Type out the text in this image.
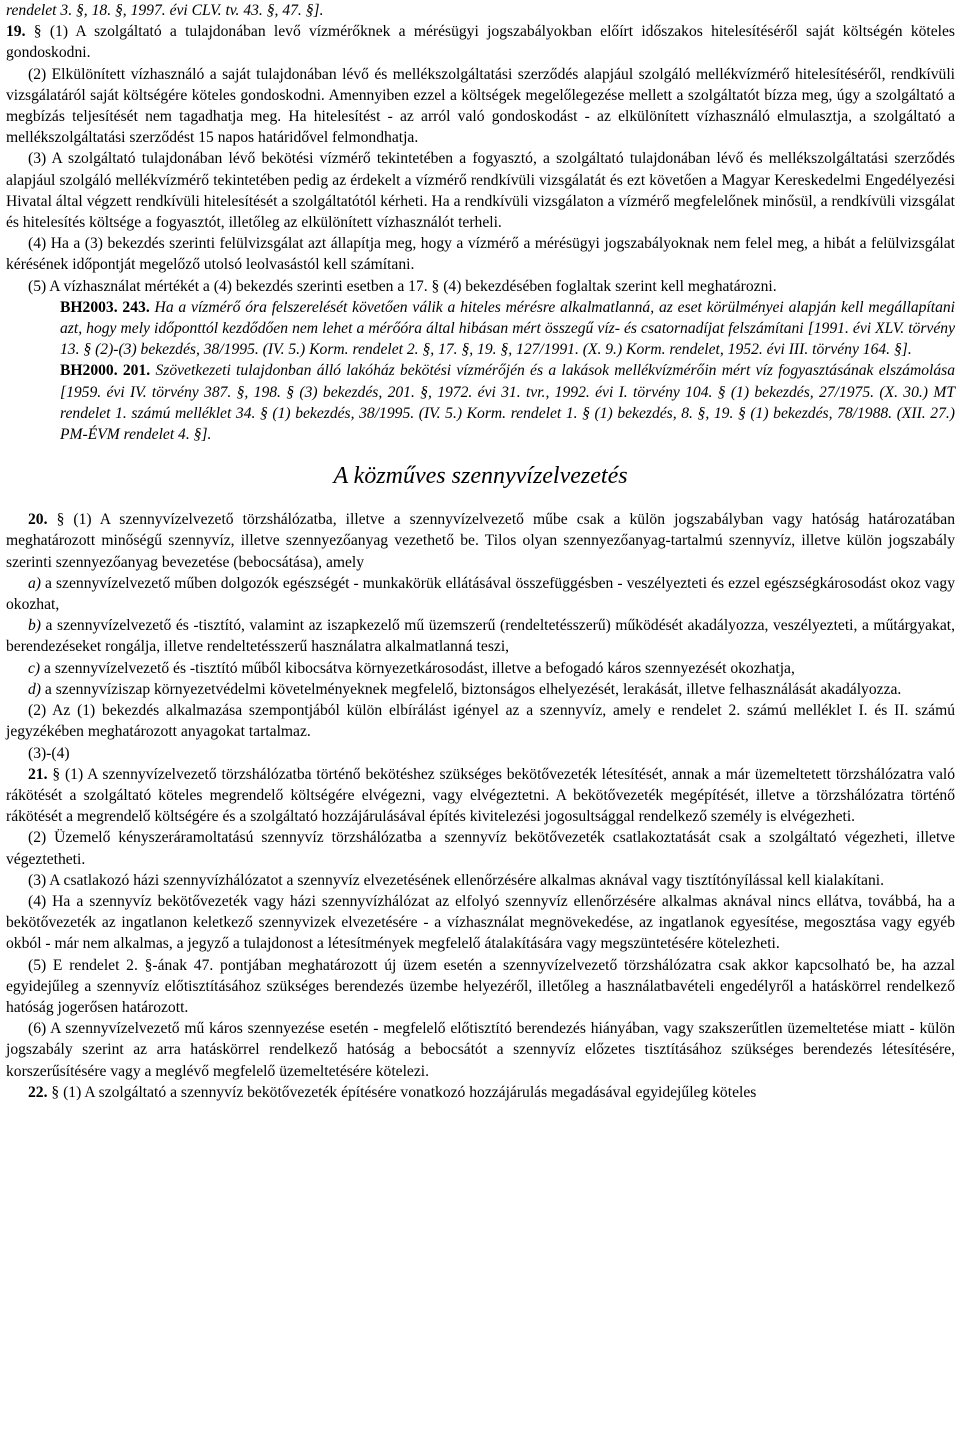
rendelet 3. §, 18. §, 1997. évi CLV. tv. 43. §, 47. §].

19. § (1) A szolgáltató a tulajdonában levő vízmérőknek a mérésügyi jogszabályokban előírt időszakos hitelesítéséről saját költségén köteles gondoskodni.

(2) Elkülönített vízhasználó a saját tulajdonában lévő és mellékszolgáltatási szerződés alapjául szolgáló mellékvízmérő hitelesítéséről, rendkívüli vizsgálatáról saját költségére köteles gondoskodni. Amennyiben ezzel a költségek megelőlegezése mellett a szolgáltatót bízza meg, úgy a szolgáltató a megbízás teljesítését nem tagadhatja meg. Ha hitelesítést - az arról való gondoskodást - az elkülönített vízhasználó elmulasztja, a szolgáltató a mellékszolgáltatási szerződést 15 napos határidővel felmondhatja.

(3) A szolgáltató tulajdonában lévő bekötési vízmérő tekintetében a fogyasztó, a szolgáltató tulajdonában lévő és mellékszolgáltatási szerződés alapjául szolgáló mellékvízmérő tekintetében pedig az érdekelt a vízmérő rendkívüli vizsgálatát és ezt követően a Magyar Kereskedelmi Engedélyezési Hivatal által végzett rendkívüli hitelesítését a szolgáltatótól kérheti. Ha a rendkívüli vizsgálaton a vízmérő megfelelőnek minősül, a rendkívüli vizsgálat és hitelesítés költsége a fogyasztót, illetőleg az elkülönített vízhasználót terheli.

(4) Ha a (3) bekezdés szerinti felülvizsgálat azt állapítja meg, hogy a vízmérő a mérésügyi jogszabályoknak nem felel meg, a hibát a felülvizsgálat kérésének időpontját megelőző utolsó leolvasástól kell számítani.

(5) A vízhasználat mértékét a (4) bekezdés szerinti esetben a 17. § (4) bekezdésében foglaltak szerint kell meghatározni.

BH2003. 243. Ha a vízmérő óra felszerelését követően válik a hiteles mérésre alkalmatlanná, az eset körülményei alapján kell megállapítani azt, hogy mely időponttól kezdődően nem lehet a mérőóra által hibásan mért összegű víz- és csatornadíjat felszámítani [1991. évi XLV. törvény 13. § (2)-(3) bekezdés, 38/1995. (IV. 5.) Korm. rendelet 2. §, 17. §, 19. §, 127/1991. (X. 9.) Korm. rendelet, 1952. évi III. törvény 164. §].

BH2000. 201. Szövetkezeti tulajdonban álló lakóház bekötési vízmérőjén és a lakások mellékvízmérőin mért víz fogyasztásának elszámolása [1959. évi IV. törvény 387. §, 198. § (3) bekezdés, 201. §, 1972. évi 31. tvr., 1992. évi I. törvény 104. § (1) bekezdés, 27/1975. (X. 30.) MT rendelet 1. számú melléklet 34. § (1) bekezdés, 38/1995. (IV. 5.) Korm. rendelet 1. § (1) bekezdés, 8. §, 19. § (1) bekezdés, 78/1988. (XII. 27.) PM-ÉVM rendelet 4. §].

A közműves szennyvízelvezetés

20. § (1) A szennyvízelvezető törzshálózatba, illetve a szennyvízelvezető műbe csak a külön jogszabályban vagy hatóság határozatában meghatározott minőségű szennyvíz, illetve szennyezőanyag vezethető be. Tilos olyan szennyezőanyag-tartalmú szennyvíz, illetve külön jogszabály szerinti szennyezőanyag bevezetése (bebocsátása), amely

a) a szennyvízelvezető műben dolgozók egészségét - munkakörük ellátásával összefüggésben - veszélyezteti és ezzel egészségkárosodást okoz vagy okozhat,

b) a szennyvízelvezető és -tisztító, valamint az iszapkezelő mű üzemszerű (rendeltetésszerű) működését akadályozza, veszélyezteti, a műtárgyakat, berendezéseket rongálja, illetve rendeltetésszerű használatra alkalmatlanná teszi,

c) a szennyvízelvezető és -tisztító műből kibocsátva környezetkárosodást, illetve a befogadó káros szennyezését okozhatja,

d) a szennyvíziszap környezetvédelmi követelményeknek megfelelő, biztonságos elhelyezését, lerakását, illetve felhasználását akadályozza.

(2) Az (1) bekezdés alkalmazása szempontjából külön elbírálást igényel az a szennyvíz, amely e rendelet 2. számú melléklet I. és II. számú jegyzékében meghatározott anyagokat tartalmaz.

(3)-(4)

21. § (1) A szennyvízelvezető törzshálózatba történő bekötéshez szükséges bekötővezeték létesítését, annak a már üzemeltetett törzshálózatra való rákötését a szolgáltató köteles megrendelő költségére elvégezni, vagy elvégeztetni. A bekötővezeték megépítését, illetve a törzshálózatra történő rákötését a megrendelő költségére és a szolgáltató hozzájárulásával építés kivitelezési jogosultsággal rendelkező személy is elvégezheti.

(2) Üzemelő kényszeráramoltatású szennyvíz törzshálózatba a szennyvíz bekötővezeték csatlakoztatását csak a szolgáltató végezheti, illetve végeztetheti.

(3) A csatlakozó házi szennyvízhálózatot a szennyvíz elvezetésének ellenőrzésére alkalmas aknával vagy tisztítónyílással kell kialakítani.

(4) Ha a szennyvíz bekötővezeték vagy házi szennyvízhálózat az elfolyó szennyvíz ellenőrzésére alkalmas aknával nincs ellátva, továbbá, ha a bekötővezeték az ingatlanon keletkező szennyvizek elvezetésére - a vízhasználat megnövekedése, az ingatlanok egyesítése, megosztása vagy egyéb okból - már nem alkalmas, a jegyző a tulajdonost a létesítmények megfelelő átalakítására vagy megszüntetésére kötelezheti.

(5) E rendelet 2. §-ának 47. pontjában meghatározott új üzem esetén a szennyvízelvezető törzshálózatra csak akkor kapcsolható be, ha azzal egyidejűleg a szennyvíz előtisztításához szükséges berendezés üzembe helyezéről, illetőleg a használatbavételi engedélyről a hatáskörrel rendelkező hatóság jogerősen határozott.

(6) A szennyvízelvezető mű káros szennyezése esetén - megfelelő előtisztító berendezés hiányában, vagy szakszerűtlen üzemeltetése miatt - külön jogszabály szerint az arra hatáskörrel rendelkező hatóság a bebocsátót a szennyvíz előzetes tisztításához szükséges berendezés létesítésére, korszerűsítésére vagy a meglévő megfelelő üzemeltetésére kötelezi.

22. § (1) A szolgáltató a szennyvíz bekötővezeték építésére vonatkozó hozzájárulás megadásával egyidejűleg köteles
